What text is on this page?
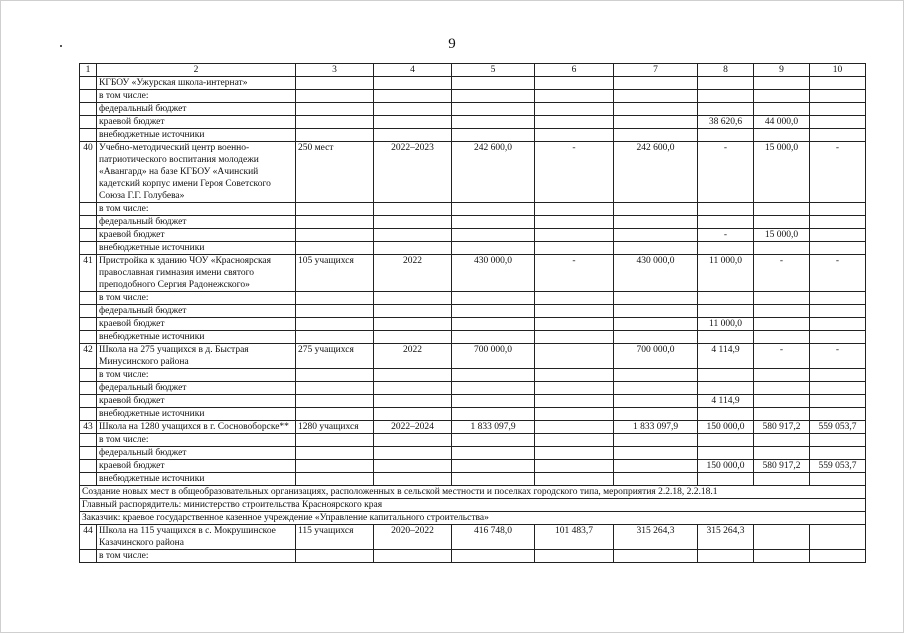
9
1	2	3	4	5	6	7	8	9	10
	КГБОУ «Ужурская школа-интернат»								
	в том числе:								
	федеральный бюджет								
	краевой бюджет						38 620,6	44 000,0	
	внебюджетные источники								
40	Учебно-методический центр военно-патриотического воспитания молодежи «Авангард» на базе КГБОУ «Ачинский кадетский корпус имени Героя Советского Союза Г.Г. Голубева»	250 мест	2022–2023	242 600,0	-	242 600,0	-	15 000,0	-
	в том числе:								
	федеральный бюджет								
	краевой бюджет						-	15 000,0	
	внебюджетные источники								
41	Пристройка к зданию ЧОУ «Красноярская православная гимназия имени святого преподобного Сергия Радонежского»	105 учащихся	2022	430 000,0	-	430 000,0	11 000,0	-	-
	в том числе:								
	федеральный бюджет								
	краевой бюджет						11 000,0		
	внебюджетные источники								
42	Школа на 275 учащихся в д. Быстрая Минусинского района	275 учащихся	2022	700 000,0		700 000,0	4 114,9	-	-
	в том числе:								
	федеральный бюджет								
	краевой бюджет						4 114,9		
	внебюджетные источники								
43	Школа на 1280 учащихся в г. Сосновоборске**	1280 учащихся	2022–2024	1 833 097,9		1 833 097,9	150 000,0	580 917,2	559 053,7
	в том числе:								
	федеральный бюджет								
	краевой бюджет						150 000,0	580 917,2	559 053,7
	внебюджетные источники								
Создание новых мест в общеобразовательных организациях, расположенных в сельской местности и поселках городского типа, мероприятия 2.2.18, 2.2.18.1									
Главный распорядитель: министерство строительства Красноярского края									
Заказчик: краевое государственное казенное учреждение «Управление капитального строительства»									
44	Школа на 115 учащихся в с. Мокрушинское Казачинского района	115 учащихся	2020–2022	416 748,0	101 483,7	315 264,3	315 264,3		
	в том числе:								
